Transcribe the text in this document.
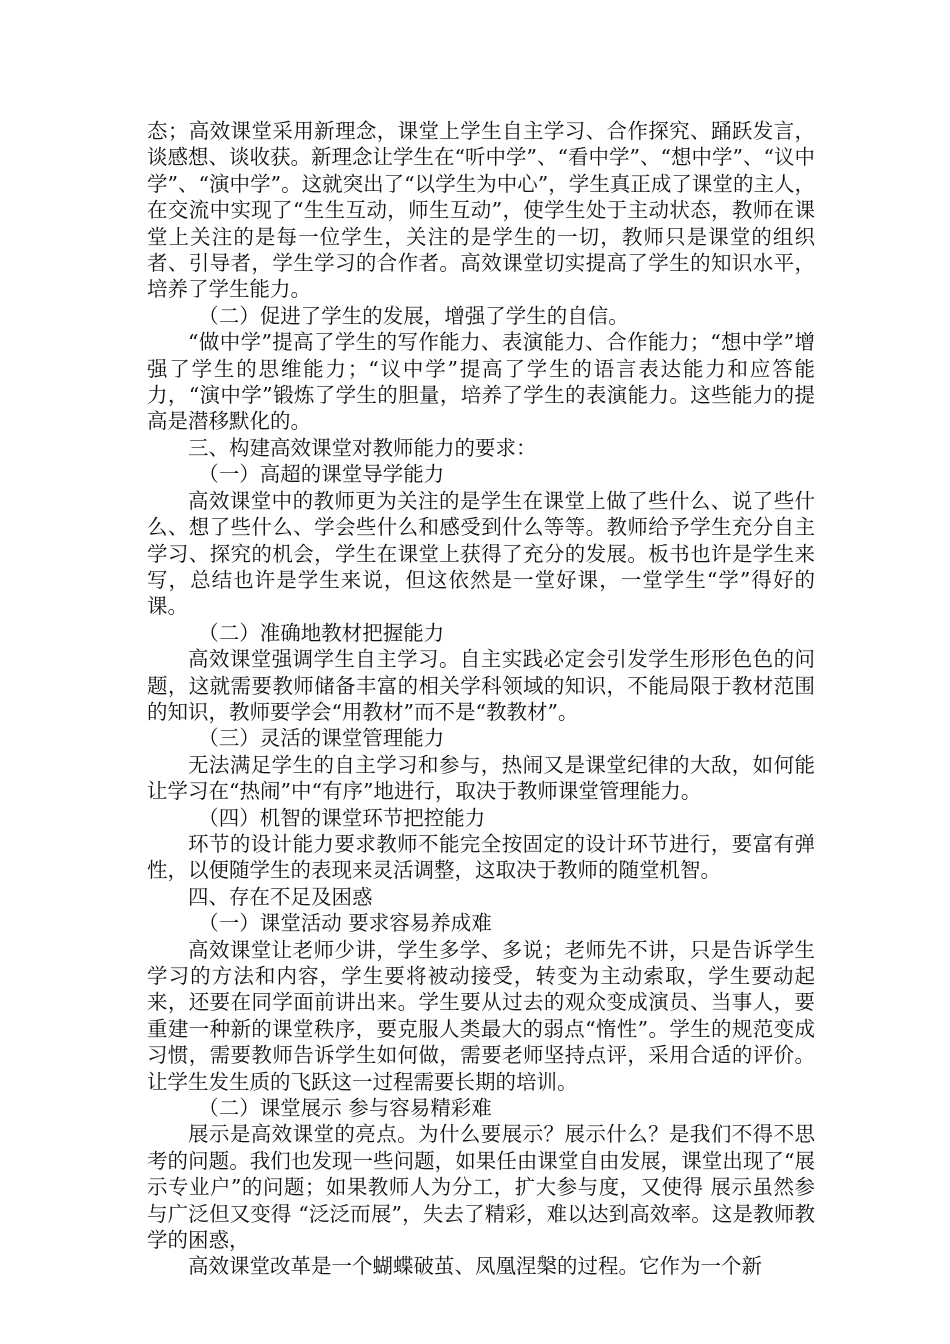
态；高效课堂采用新理念，课堂上学生自主学习、合作探究、踊跃发言，谈感想、谈收获。新理念让学生在“听中学”、“看中学”、“想中学”、“议中学”、“演中学”。这就突出了“以学生为中心”，学生真正成了课堂的主人，在交流中实现了“生生互动，师生互动”，使学生处于主动状态，教师在课堂上关注的是每一位学生，关注的是学生的一切，教师只是课堂的组织者、引导者，学生学习的合作者。高效课堂切实提高了学生的知识水平，培养了学生能力。

（二）促进了学生的发展，增强了学生的自信。

“做中学”提高了学生的写作能力、表演能力、合作能力；“想中学”增强了学生的思维能力；“议中学”提高了学生的语言表达能力和应答能力，“演中学”锻炼了学生的胆量，培养了学生的表演能力。这些能力的提高是潜移默化的。

三、构建高效课堂对教师能力的要求：

（一）高超的课堂导学能力

高效课堂中的教师更为关注的是学生在课堂上做了些什么、说了些什么、想了些什么、学会些什么和感受到什么等等。教师给予学生充分自主学习、探究的机会，学生在课堂上获得了充分的发展。板书也许是学生来写，总结也许是学生来说，但这依然是一堂好课，一堂学生“学”得好的课。

（二）准确地教材把握能力

高效课堂强调学生自主学习。自主实践必定会引发学生形形色色的问题，这就需要教师储备丰富的相关学科领域的知识，不能局限于教材范围的知识，教师要学会“用教材”而不是“教教材”。

（三）灵活的课堂管理能力

无法满足学生的自主学习和参与，热闹又是课堂纪律的大敌，如何能让学习在“热闹”中“有序”地进行，取决于教师课堂管理能力。

（四）机智的课堂环节把控能力

环节的设计能力要求教师不能完全按固定的设计环节进行，要富有弹性，以便随学生的表现来灵活调整，这取决于教师的随堂机智。

四、存在不足及困惑

（一）课堂活动 要求容易养成难

高效课堂让老师少讲，学生多学、多说；老师先不讲，只是告诉学生学习的方法和内容，学生要将被动接受，转变为主动索取，学生要动起来，还要在同学面前讲出来。学生要从过去的观众变成演员、当事人，要重建一种新的课堂秩序，要克服人类最大的弱点“惰性”。学生的规范变成习惯，需要教师告诉学生如何做，需要老师坚持点评，采用合适的评价。让学生发生质的飞跃这一过程需要长期的培训。

（二）课堂展示 参与容易精彩难

展示是高效课堂的亮点。为什么要展示？展示什么？是我们不得不思考的问题。我们也发现一些问题，如果任由课堂自由发展，课堂出现了“展示专业户”的问题；如果教师人为分工，扩大参与度，又使得 展示虽然参与广泛但又变得 “泛泛而展”，失去了精彩，难以达到高效率。这是教师教学的困惑，

高效课堂改革是一个蝴蝶破茧、凤凰涅槃的过程。它作为一个新
